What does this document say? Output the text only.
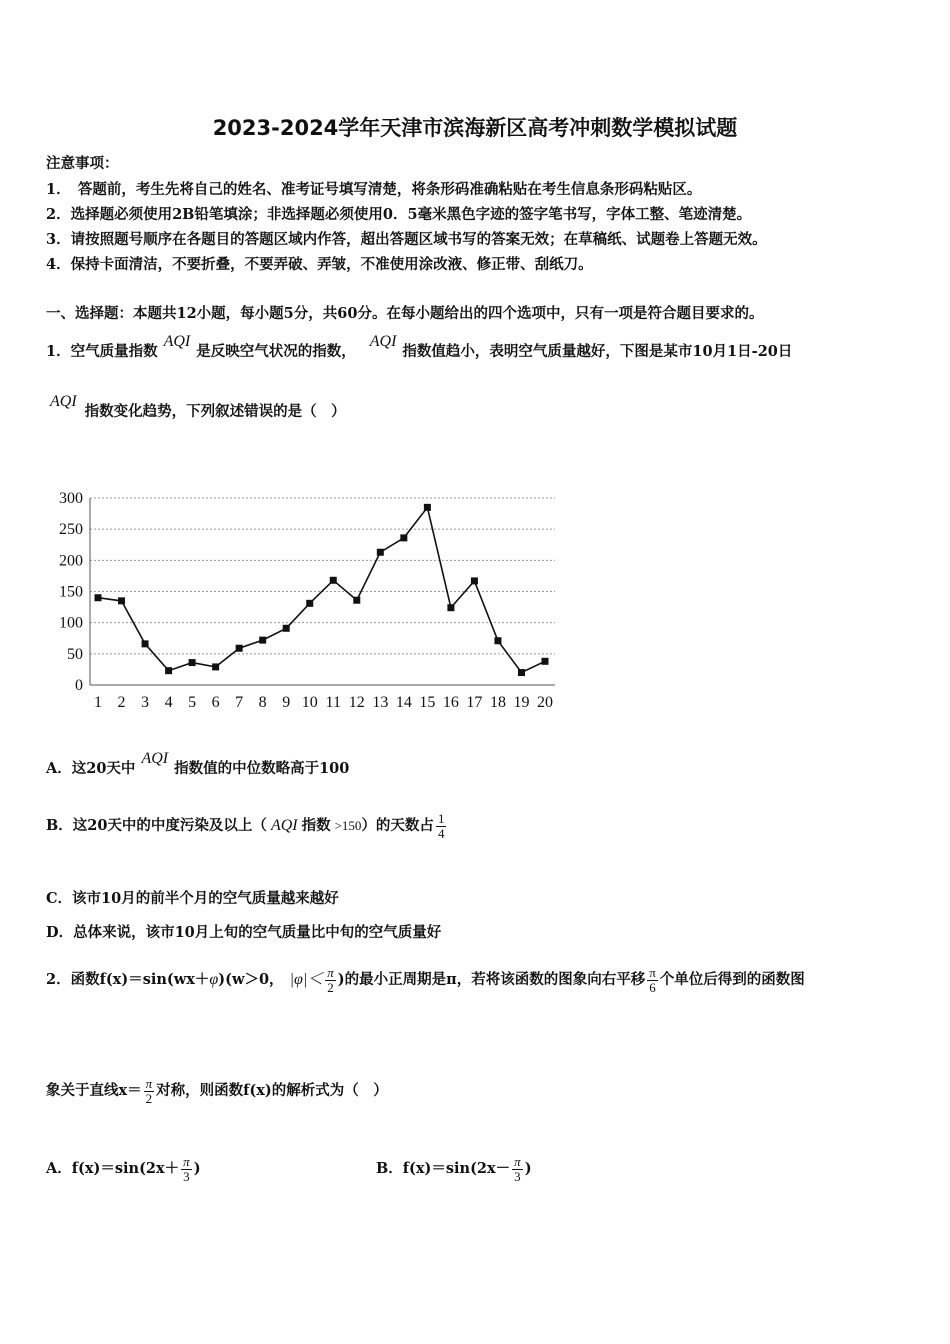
2023-2024学年天津市滨海新区高考冲刺数学模拟试题
注意事项：
1．　答题前，考生先将自己的姓名、准考证号填写清楚，将条形码准确粘贴在考生信息条形码粘贴区。
2．选择题必须使用2B铅笔填涂；非选择题必须使用0．5毫米黑色字迹的签字笔书写，字体工整、笔迹清楚。
3．请按照题号顺序在各题目的答题区域内作答，超出答题区域书写的答案无效；在草稿纸、试题卷上答题无效。
4．保持卡面清洁，不要折叠，不要弄破、弄皱，不准使用涂改液、修正带、刮纸刀。
一、选择题：本题共12小题，每小题5分，共60分。在每小题给出的四个选项中，只有一项是符合题目要求的。
1．空气质量指数AQI是反映空气状况的指数，AQI指数值趋小，表明空气质量越好，下图是某市10月1日-20日
AQI指数变化趋势，下列叙述错误的是（　）
0
50
100
150
200
250
300
1 2 3 4 5 6 7 8 9 10 11 12 13 14 15 16 17 18 19 20
A．这20天中AQI指数值的中位数略高于100
B．这20天中的中度污染及以上（ AQI 指数 >150）的天数占 $\frac{1}{4}$
C．该市10月的前半个月的空气质量越来越好
D．总体来说，该市10月上旬的空气质量比中旬的空气质量好
2．函数f(x)＝sin(wx＋φ)(w＞0， $|\varphi|< \frac{\pi}{2}$ )的最小正周期是π，若将该函数的图象向右平移 $\frac{\pi}{6}$ 个单位后得到的函数图
象关于直线$x= \frac{\pi}{2}$ 对称，则函数f(x)的解析式为（　）
A．$f(x)=\sin(2x+ \frac{\pi}{3}$ )	B．$f(x)=\sin(2x- \frac{\pi}{3}$ )
